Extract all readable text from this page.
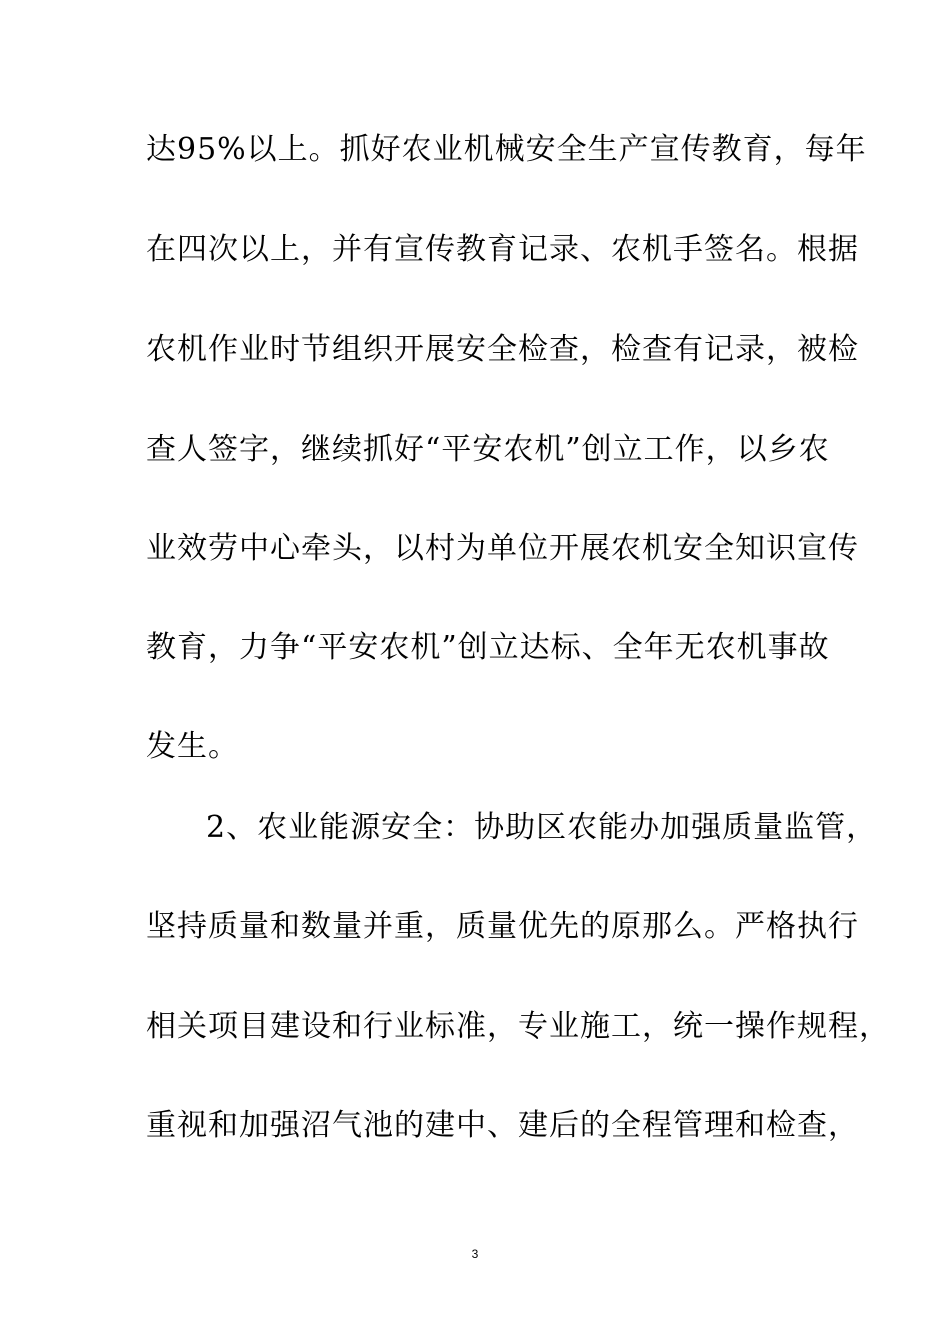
达95%以上。抓好农业机械安全生产宣传教育，每年
在四次以上，并有宣传教育记录、农机手签名。根据
农机作业时节组织开展安全检查，检查有记录，被检
查人签字，继续抓好“平安农机”创立工作，以乡农
业效劳中心牵头，以村为单位开展农机安全知识宣传
教育，力争“平安农机”创立达标、全年无农机事故
发生。
2、农业能源安全：协助区农能办加强质量监管，
坚持质量和数量并重，质量优先的原那么。严格执行
相关项目建设和行业标准，专业施工，统一操作规程，
重视和加强沼气池的建中、建后的全程管理和检查，
3
